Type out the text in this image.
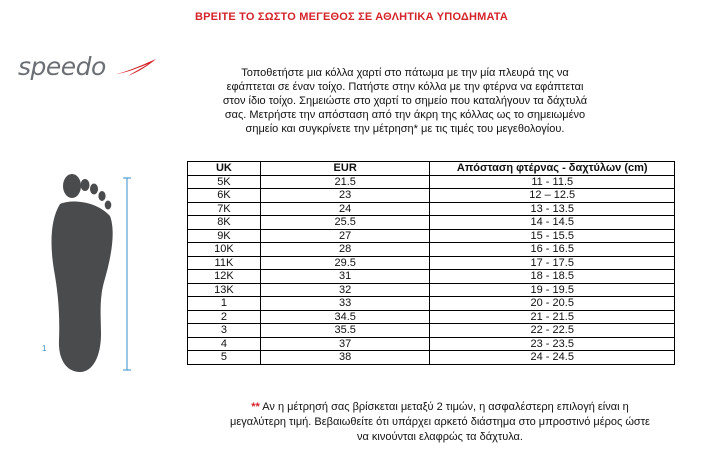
ΒΡΕΙΤΕ ΤΟ ΣΩΣΤΟ ΜΕΓΕΘΟΣ ΣΕ ΑΘΛΗΤΙΚΑ ΥΠΟΔΗΜΑΤΑ
speedo	Τοποθετήστε μια κόλλα χαρτί στο πάτωμα με την μία πλευρά της να
εφάπτεται σε έναν τοίχο. Πατήστε στην κόλλα με την φτέρνα να εφάπτεται
στον ίδιο τοίχο. Σημειώστε στο χαρτί το σημείο που καταλήγουν τα δάχτυλά
σας. Μετρήστε την απόσταση από την άκρη της κόλλας ως το σημειωμένο
σημείο και συγκρίνετε την μέτρηση* με τις τιμές του μεγεθολογίου.
1
UK	EUR	Απόσταση φτέρνας - δαχτύλων (cm)
5K	21.5	11 - 11.5
6K	23	12 – 12.5
7K	24	13 - 13.5
8K	25.5	14 - 14.5
9K	27	15 - 15.5
10K	28	16 - 16.5
11K	29.5	17 - 17.5
12K	31	18 - 18.5
13K	32	19 - 19.5
1	33	20 - 20.5
2	34.5	21 - 21.5
3	35.5	22 - 22.5
4	37	23 - 23.5
5	38	24 - 24.5
** Αν η μέτρησή σας βρίσκεται μεταξύ 2 τιμών, η ασφαλέστερη επιλογή είναι η
μεγαλύτερη τιμή. Βεβαιωθείτε ότι υπάρχει αρκετό διάστημα στο μπροστινό μέρος ώστε
να κινούνται ελαφρώς τα δάχτυλα.
